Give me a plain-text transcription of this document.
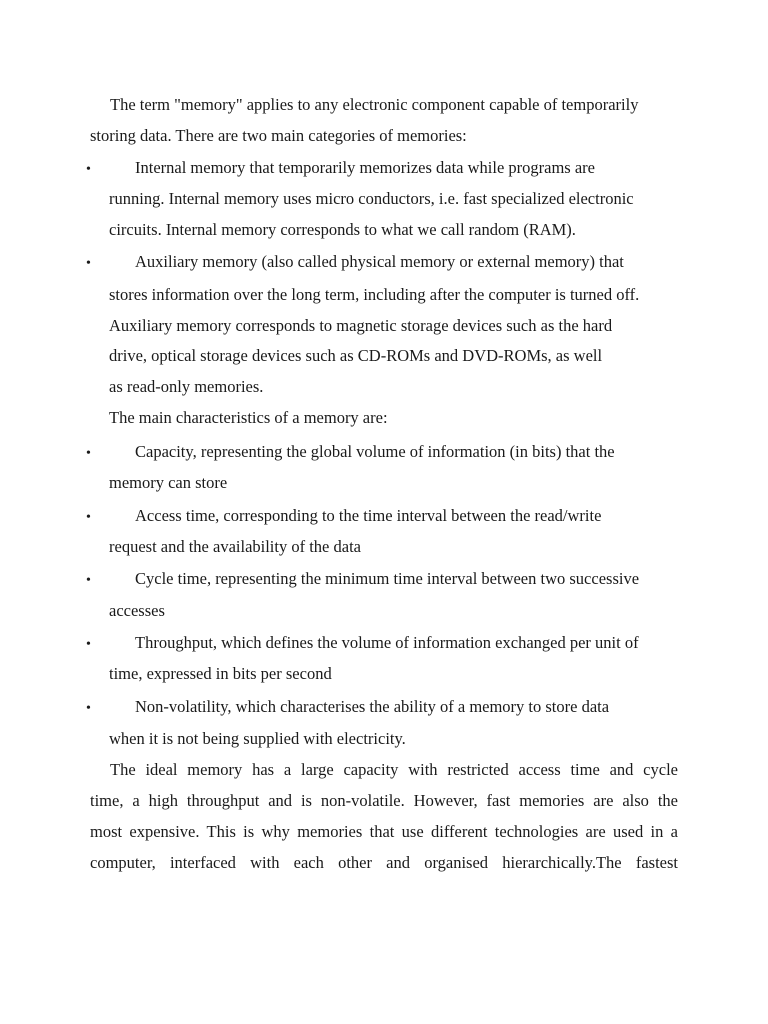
The term "memory" applies to any electronic component capable of temporarily
storing data. There are two main categories of memories:
•	Internal memory that temporarily memorizes data while programs are
running. Internal memory uses micro conductors, i.e. fast specialized electronic
circuits. Internal memory corresponds to what we call random (RAM).
•	Auxiliary memory (also called physical memory or external memory) that
stores information over the long term, including after the computer is turned off.
Auxiliary memory corresponds to magnetic storage devices such as the hard
drive, optical storage devices such as CD-ROMs and DVD-ROMs, as well
as read-only memories.
The main characteristics of a memory are:
•	Capacity, representing the global volume of information (in bits) that the
memory can store
•	Access time, corresponding to the time interval between the read/write
request and the availability of the data
•	Cycle time, representing the minimum time interval between two successive
accesses
•	Throughput, which defines the volume of information exchanged per unit of
time, expressed in bits per second
•	Non-volatility, which characterises the ability of a memory to store data
when it is not being supplied with electricity.
The ideal memory has a large capacity with restricted access time and cycle
time, a high throughput and is non-volatile. However, fast memories are also the
most expensive. This is why memories that use different technologies are used in a
computer, interfaced with each other and organised hierarchically.The fastest
